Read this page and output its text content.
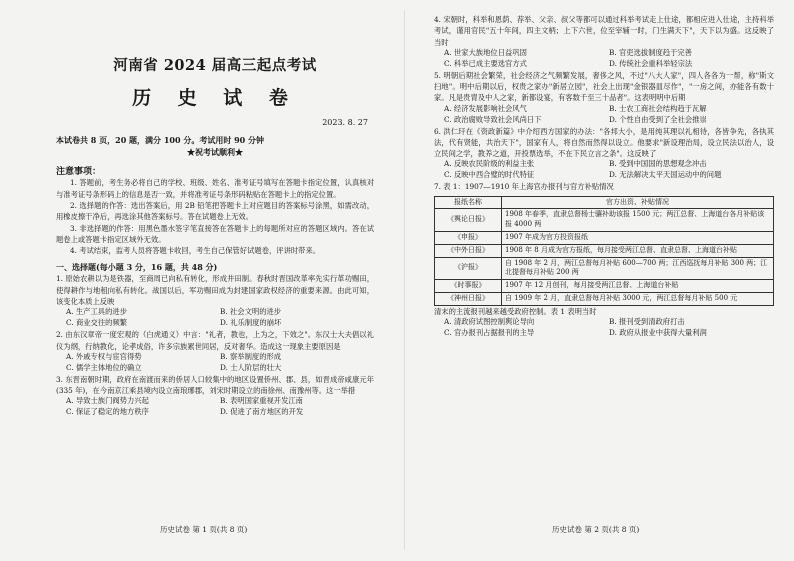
河南省 2024 届高三起点考试

历 史 试 卷

2023. 8. 27
本试卷共 8 页，20 题，满分 100 分。考试用时 90 分钟
★祝考试顺利★
注意事项：

1. 答题前，考生务必将自己的学校、班级、姓名、准考证号填写在答题卡指定位置，认真核对与准考证号条形码上的信息是否一致，并将准考证号条形码粘贴在答题卡上的指定位置。

2. 选择题的作答：选出答案后，用 2B 铅笔把答题卡上对应题目的答案标号涂黑，如需改动，用橡皮擦干净后，再选涂其他答案标号。答在试题卷上无效。

3. 非选择题的作答：用黑色墨水签字笔直接答在答题卡上的每题所对应的答题区域内。答在试题卷上或答题卡指定区域外无效。

4. 考试结束，监考人员将答题卡收回，考生自己保管好试题卷，评讲时带来。

一、选择题(每小题 3 分，16 题，共 48 分)

1. 原始农耕以为是铁器，至商周已向私有转化，形成井田制。春秋时晋国改革率先实行革功赐田，使得耕作与地租向私有转化。战国以后，军功赐田成为封建国家政权经济的重要来源。由此可知，该变化本质上反映

A. 生产工具的进步	B. 社会文明的进步
C. 商业交往的频繁	D. 礼乐制度的崩坏

2. 由东汉章帝一度宏观的（白虎通义）中言："礼者，教也，上为之，下效之"。东汉士大夫倡以礼仪为纲，行纳教化，论孝成俗，许多宗族累世同居，反对奢华。造成这一现象主要原因是

A. 外戚专权与宦官得势	B. 察举制度的形成
C. 儒学主体地位的确立	D. 士人阶层的壮大

3. 东晋南朝时期，政府在南渡而来的侨居人口较集中的地区设置侨州、郡、县，如晋成帝咸康元年(335 年)，在今南京江乘县境内设立南琅琊郡，刘宋时期设立的南徐州、南豫州等。这一举措

A. 导致士族门阀势力兴起	B. 表明国家重视开发江南
C. 保证了稳定的地方秩序	D. 促进了南方地区的开发
历史试卷 第 1 页(共 8 页)

4. 宋朝时，科举和恩荫、荐举、父亲、叔父等都可以通过科举考试走上仕途，都相应进入仕途，主持科举考试，谨用官民"五十年间，四主文柄；上下六世，位至宰辅一时，门生满天下"，天下以为盛。这反映了当时

A. 世家大族地位日益巩固	B. 官吏选拔制度趋于完善
C. 科举已成主要选官方式	D. 传统社会重科举轻宗法

5. 明朝后期社会繁荣，社会经济之气频繁发展，奢侈之风，不过"八大人家"，四人各各为一帮，称"斯文扫地"。明中后期以后，权贵之家办"新居立园"，社会上出现"金银器皿尽作"，"一房之间，亦能各有数十家。凡是贵胄及中人之家，新都设宴，有客数千至三十品者"。这表明明中后期

A. 经济发展影响社会风气	B. 士农工商社会结构趋于瓦解
C. 政治腐败导致社会风尚日下	D. 个性自由受到了全社会推崇

6. 洪仁玕在《资政新篇》中介绍西方国家的办法："各邦大小，是用纯其理以礼相待，各皆争先，各执其法，代有贤能，共治天下"，国家有人，将自然而然得以设立。他要求"新设理治局，设立民法以治人，设立民间之学，教养之道，开投票选举，不在下民立言之条"。这反映了

A. 反映农民阶级的利益主张	B. 受到中国国的思想观念冲击
C. 反映中西合璧的时代特征	D. 无法解决太平天国运动中的问题

7. 表 1：1907—1910 年上海官办报刊与官方补贴情况

报纸名称	官方出资、补贴情况
《舆论日报》	1908 年春季，直隶总督杨士骧补助该报 1500 元；两江总督、上海道台各月补贴该报 4000 两
《申报》	1907 年成为官方投资报纸
《中外日报》	1908 年 8 月成为官方报纸，每月接受两江总督、直隶总督、上海道台补贴
《沪报》	自 1908 年 2 月，两江总督每月补贴 600—700 两；江西巡抚每月补贴 300 两；江北提督每月补贴 200 两
《时事报》	1907 年 12 月创刊，每月接受两江总督、上海道台补贴
《神州日报》	自 1909 年 2 月，直隶总督每月补贴 3000 元，两江总督每月补贴 500 元

清末的主流报刊越来越受政府控制。表 1 表明当时

A. 清政府试图控制舆论导向	B. 报刊受到清政府打击
C. 官办报刊占据报刊的主导	D. 政府从报业中获得大量利润
历史试卷 第 2 页(共 8 页)
